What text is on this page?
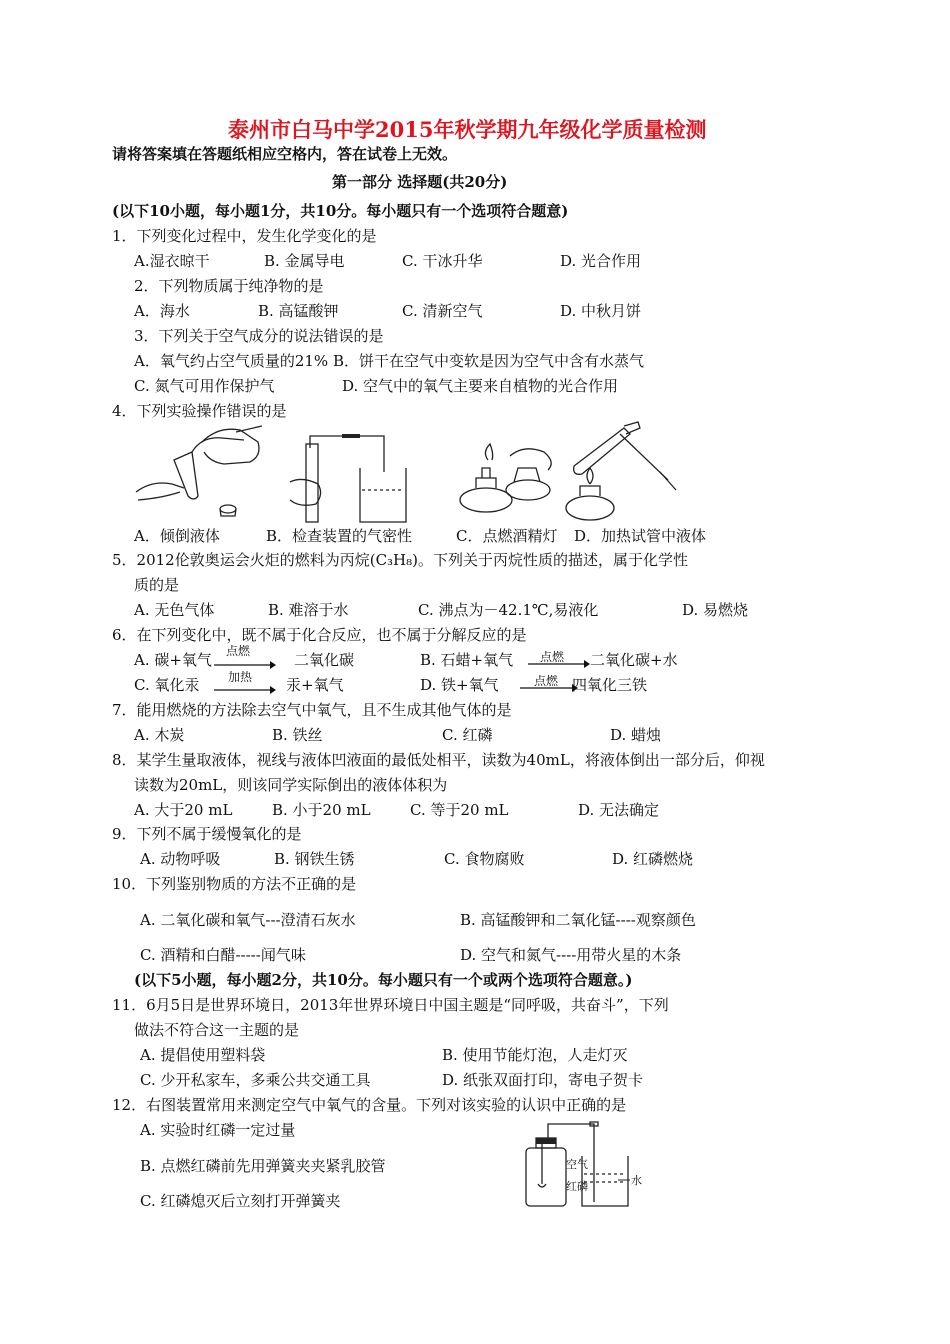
泰州市白马中学2015年秋学期九年级化学质量检测
请将答案填在答题纸相应空格内，答在试卷上无效。
第一部分 选择题(共20分)
(以下10小题，每小题1分，共10分。每小题只有一个选项符合题意)
1．下列变化过程中，发生化学变化的是
A.湿衣晾干	B. 金属导电	C. 干冰升华	D. 光合作用
2．下列物质属于纯净物的是
A．海水	B. 高锰酸钾	C. 清新空气	D. 中秋月饼
3．下列关于空气成分的说法错误的是
A．氧气约占空气质量的21% B．饼干在空气中变软是因为空气中含有水蒸气
C. 氮气可用作保护气	D. 空气中的氧气主要来自植物的光合作用
4．下列实验操作错误的是
A．倾倒液体	B．检查装置的气密性	C．点燃酒精灯 D．加热试管中液体
5．2012伦敦奥运会火炬的燃料为丙烷(C₃H₈)。下列关于丙烷性质的描述，属于化学性
质的是
A. 无色气体	B. 难溶于水	C. 沸点为－42.1℃,易液化	D. 易燃烧
6．在下列变化中，既不属于化合反应，也不属于分解反应的是
A. 碳+氧气 点燃	二氧化碳	B. 石蜡+氧气 点燃 二氧化碳+水
C. 氧化汞 加热 汞+氧气	D. 铁+氧气	点燃 四氧化三铁
7．能用燃烧的方法除去空气中氧气，且不生成其他气体的是
A. 木炭	B. 铁丝	C. 红磷	D. 蜡烛
8．某学生量取液体，视线与液体凹液面的最低处相平，读数为40mL，将液体倒出一部分后，仰视
读数为20mL，则该同学实际倒出的液体体积为
A. 大于20 mL	B. 小于20 mL	C. 等于20 mL	D. 无法确定
9．下列不属于缓慢氧化的是
A. 动物呼吸	B. 钢铁生锈	C. 食物腐败	D. 红磷燃烧
10．下列鉴别物质的方法不正确的是
A. 二氧化碳和氧气---澄清石灰水	B. 高锰酸钾和二氧化锰----观察颜色
C. 酒精和白醋-----闻气味	D. 空气和氮气----用带火星的木条
(以下5小题，每小题2分，共10分。每小题只有一个或两个选项符合题意。)
11．6月5日是世界环境日，2013年世界环境日中国主题是“同呼吸，共奋斗”，下列
做法不符合这一主题的是
A. 提倡使用塑料袋	B. 使用节能灯泡，人走灯灭
C. 少开私家车，多乘公共交通工具	D. 纸张双面打印，寄电子贺卡
12．右图装置常用来测定空气中氧气的含量。下列对该实验的认识中正确的是
A. 实验时红磷一定过量
B. 点燃红磷前先用弹簧夹夹紧乳胶管
C. 红磷熄灭后立刻打开弹簧夹
空气
红磷	水
